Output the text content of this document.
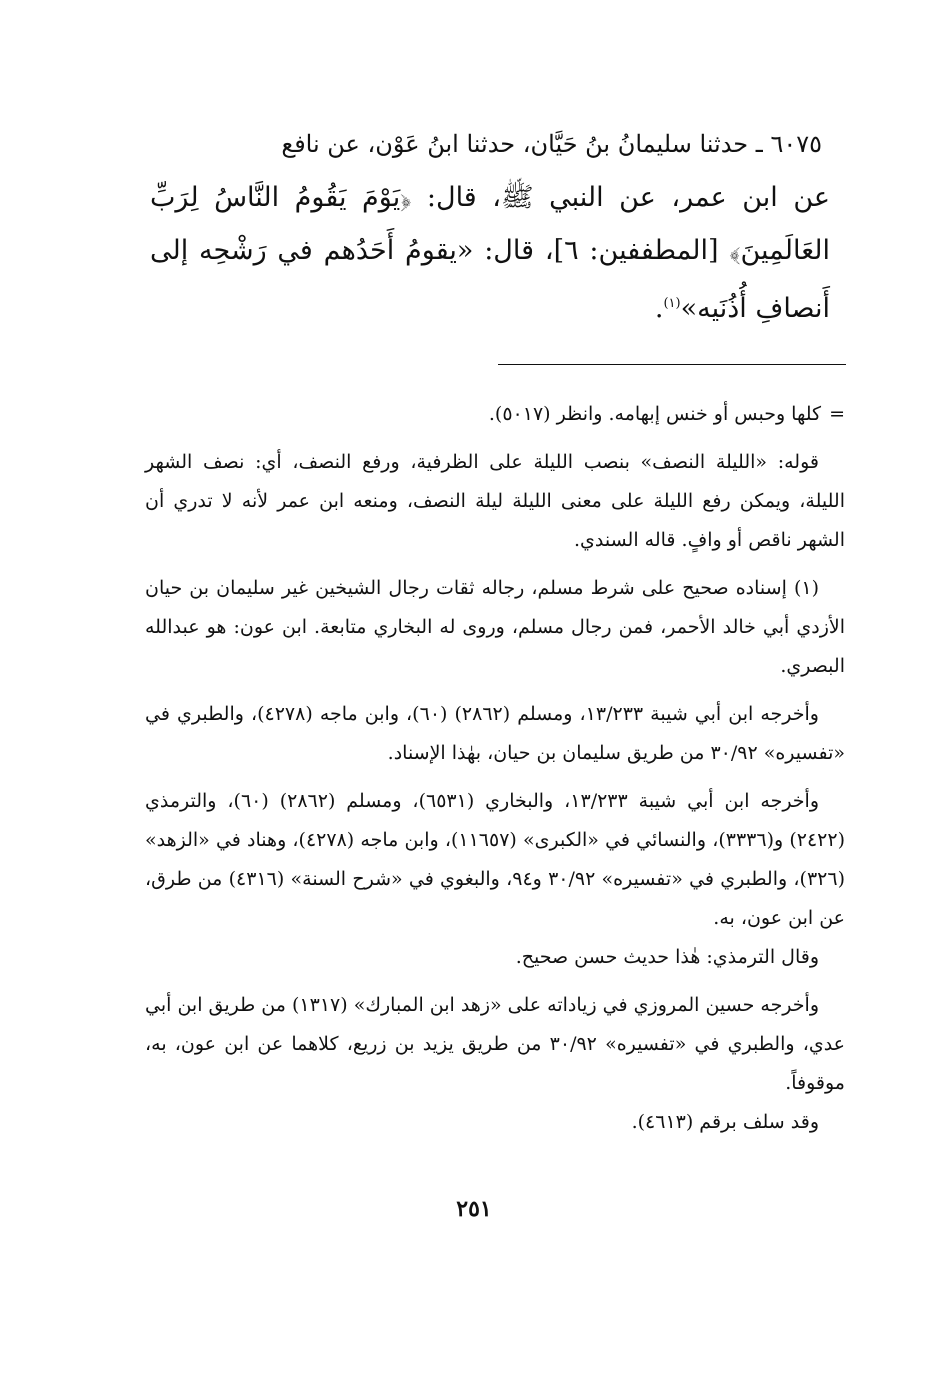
٦٠٧٥ ـ حدثنا سليمانُ بنُ حَيَّان، حدثنا ابنُ عَوْن، عن نافع
عن ابن عمر، عن النبي ﷺ، قال: ﴿يَوْمَ يَقُومُ النَّاسُ لِرَبِّ العَالَمِينَ﴾ [المطففين: ٦]، قال: «يقومُ أَحَدُهم في رَشْحِه إلى أَنصافِ أُذُنَيه»$^{(١)}$.

=كلها وحبس أو خنس إبهامه. وانظر (٥٠١٧).

قوله: «الليلة النصف» بنصب الليلة على الظرفية، ورفع النصف، أي: نصف الشهر الليلة، ويمكن رفع الليلة على معنى الليلة ليلة النصف، ومنعه ابن عمر لأنه لا تدري أن الشهر ناقص أو وافٍ. قاله السندي.

(١) إسناده صحيح على شرط مسلم، رجاله ثقات رجال الشيخين غير سليمان بن حيان الأزدي أبي خالد الأحمر، فمن رجال مسلم، وروى له البخاري متابعة. ابن عون: هو عبدالله البصري.

وأخرجه ابن أبي شيبة ١٣/٢٣٣، ومسلم (٢٨٦٢) (٦٠)، وابن ماجه (٤٢٧٨)، والطبري في «تفسيره» ٣٠/٩٢ من طريق سليمان بن حيان، بهٰذا الإسناد.

وأخرجه ابن أبي شيبة ١٣/٢٣٣، والبخاري (٦٥٣١)، ومسلم (٢٨٦٢) (٦٠)، والترمذي (٢٤٢٢) و(٣٣٣٦)، والنسائي في «الكبرى» (١١٦٥٧)، وابن ماجه (٤٢٧٨)، وهناد في «الزهد» (٣٢٦)، والطبري في «تفسيره» ٣٠/٩٢ و٩٤، والبغوي في «شرح السنة» (٤٣١٦) من طرق، عن ابن عون، به.

وقال الترمذي: هٰذا حديث حسن صحيح.

وأخرجه حسين المروزي في زياداته على «زهد ابن المبارك» (١٣١٧) من طريق ابن أبي عدي، والطبري في «تفسيره» ٣٠/٩٢ من طريق يزيد بن زريع، كلاهما عن ابن عون، به، موقوفاً.

وقد سلف برقم (٤٦١٣).

٢٥١
